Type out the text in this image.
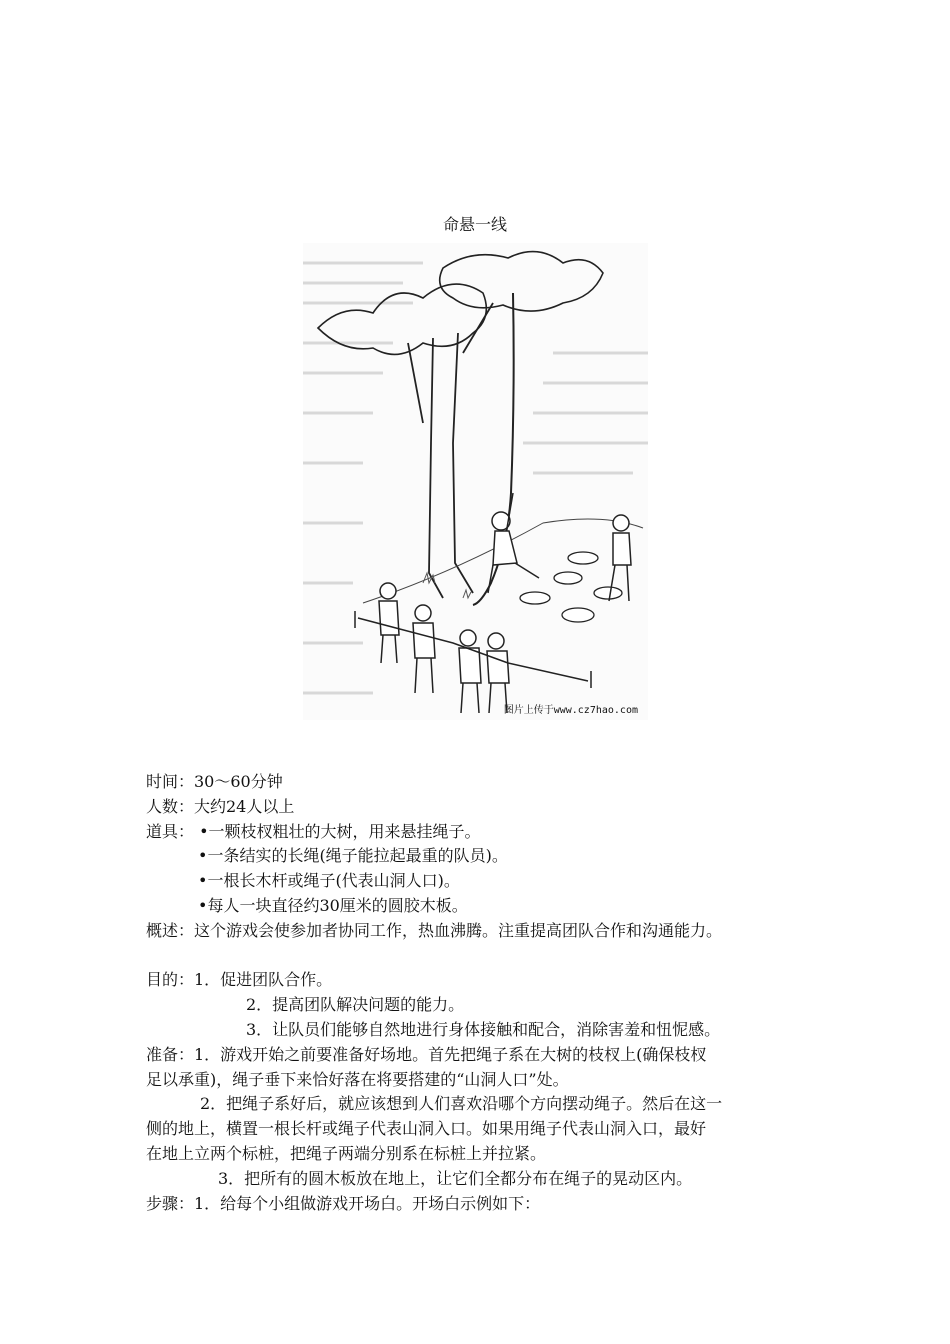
命悬一线
图片上传于www.cz7hao.com
时间：30～60分钟
人数：大约24人以上
道具： •一颗枝杈粗壮的大树，用来悬挂绳子。
•一条结实的长绳(绳子能拉起最重的队员)。
•一根长木杆或绳子(代表山洞人口)。
•每人一块直径约30厘米的圆胶木板。
概述：这个游戏会使参加者协同工作，热血沸腾。注重提高团队合作和沟通能力。
目的：1．促进团队合作。
2．提高团队解决问题的能力。
3．让队员们能够自然地进行身体接触和配合，消除害羞和忸怩感。
准备：1．游戏开始之前要准备好场地。首先把绳子系在大树的枝杈上(确保枝杈
足以承重)，绳子垂下来恰好落在将要搭建的“山洞人口”处。
2．把绳子系好后，就应该想到人们喜欢沿哪个方向摆动绳子。然后在这一
侧的地上，横置一根长杆或绳子代表山洞入口。如果用绳子代表山洞入口，最好
在地上立两个标桩，把绳子两端分别系在标桩上并拉紧。
3．把所有的圆木板放在地上，让它们全都分布在绳子的晃动区内。
步骤：1．给每个小组做游戏开场白。开场白示例如下：
